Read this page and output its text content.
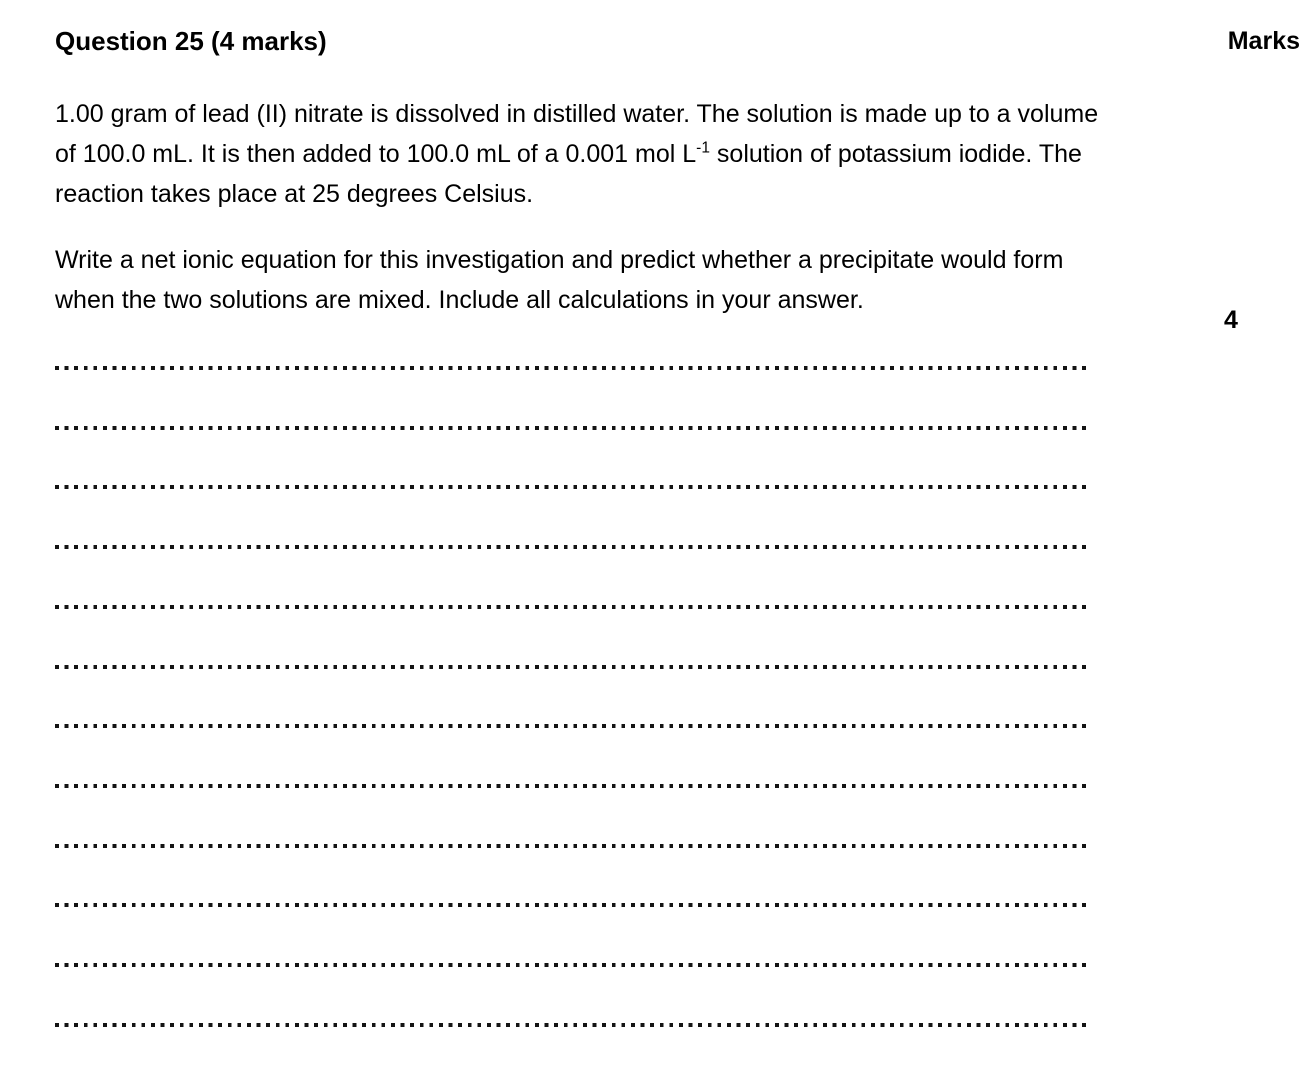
Question 25 (4 marks)	Marks

1.00 gram of lead (II) nitrate is dissolved in distilled water. The solution is made up to a volume
of 100.0 mL. It is then added to 100.0 mL of a 0.001 mol $L^{-1}$ solution of potassium iodide. The
reaction takes place at 25 degrees Celsius.

Write a net ionic equation for this investigation and predict whether a precipitate would form
when the two solutions are mixed. Include all calculations in your answer.

4
